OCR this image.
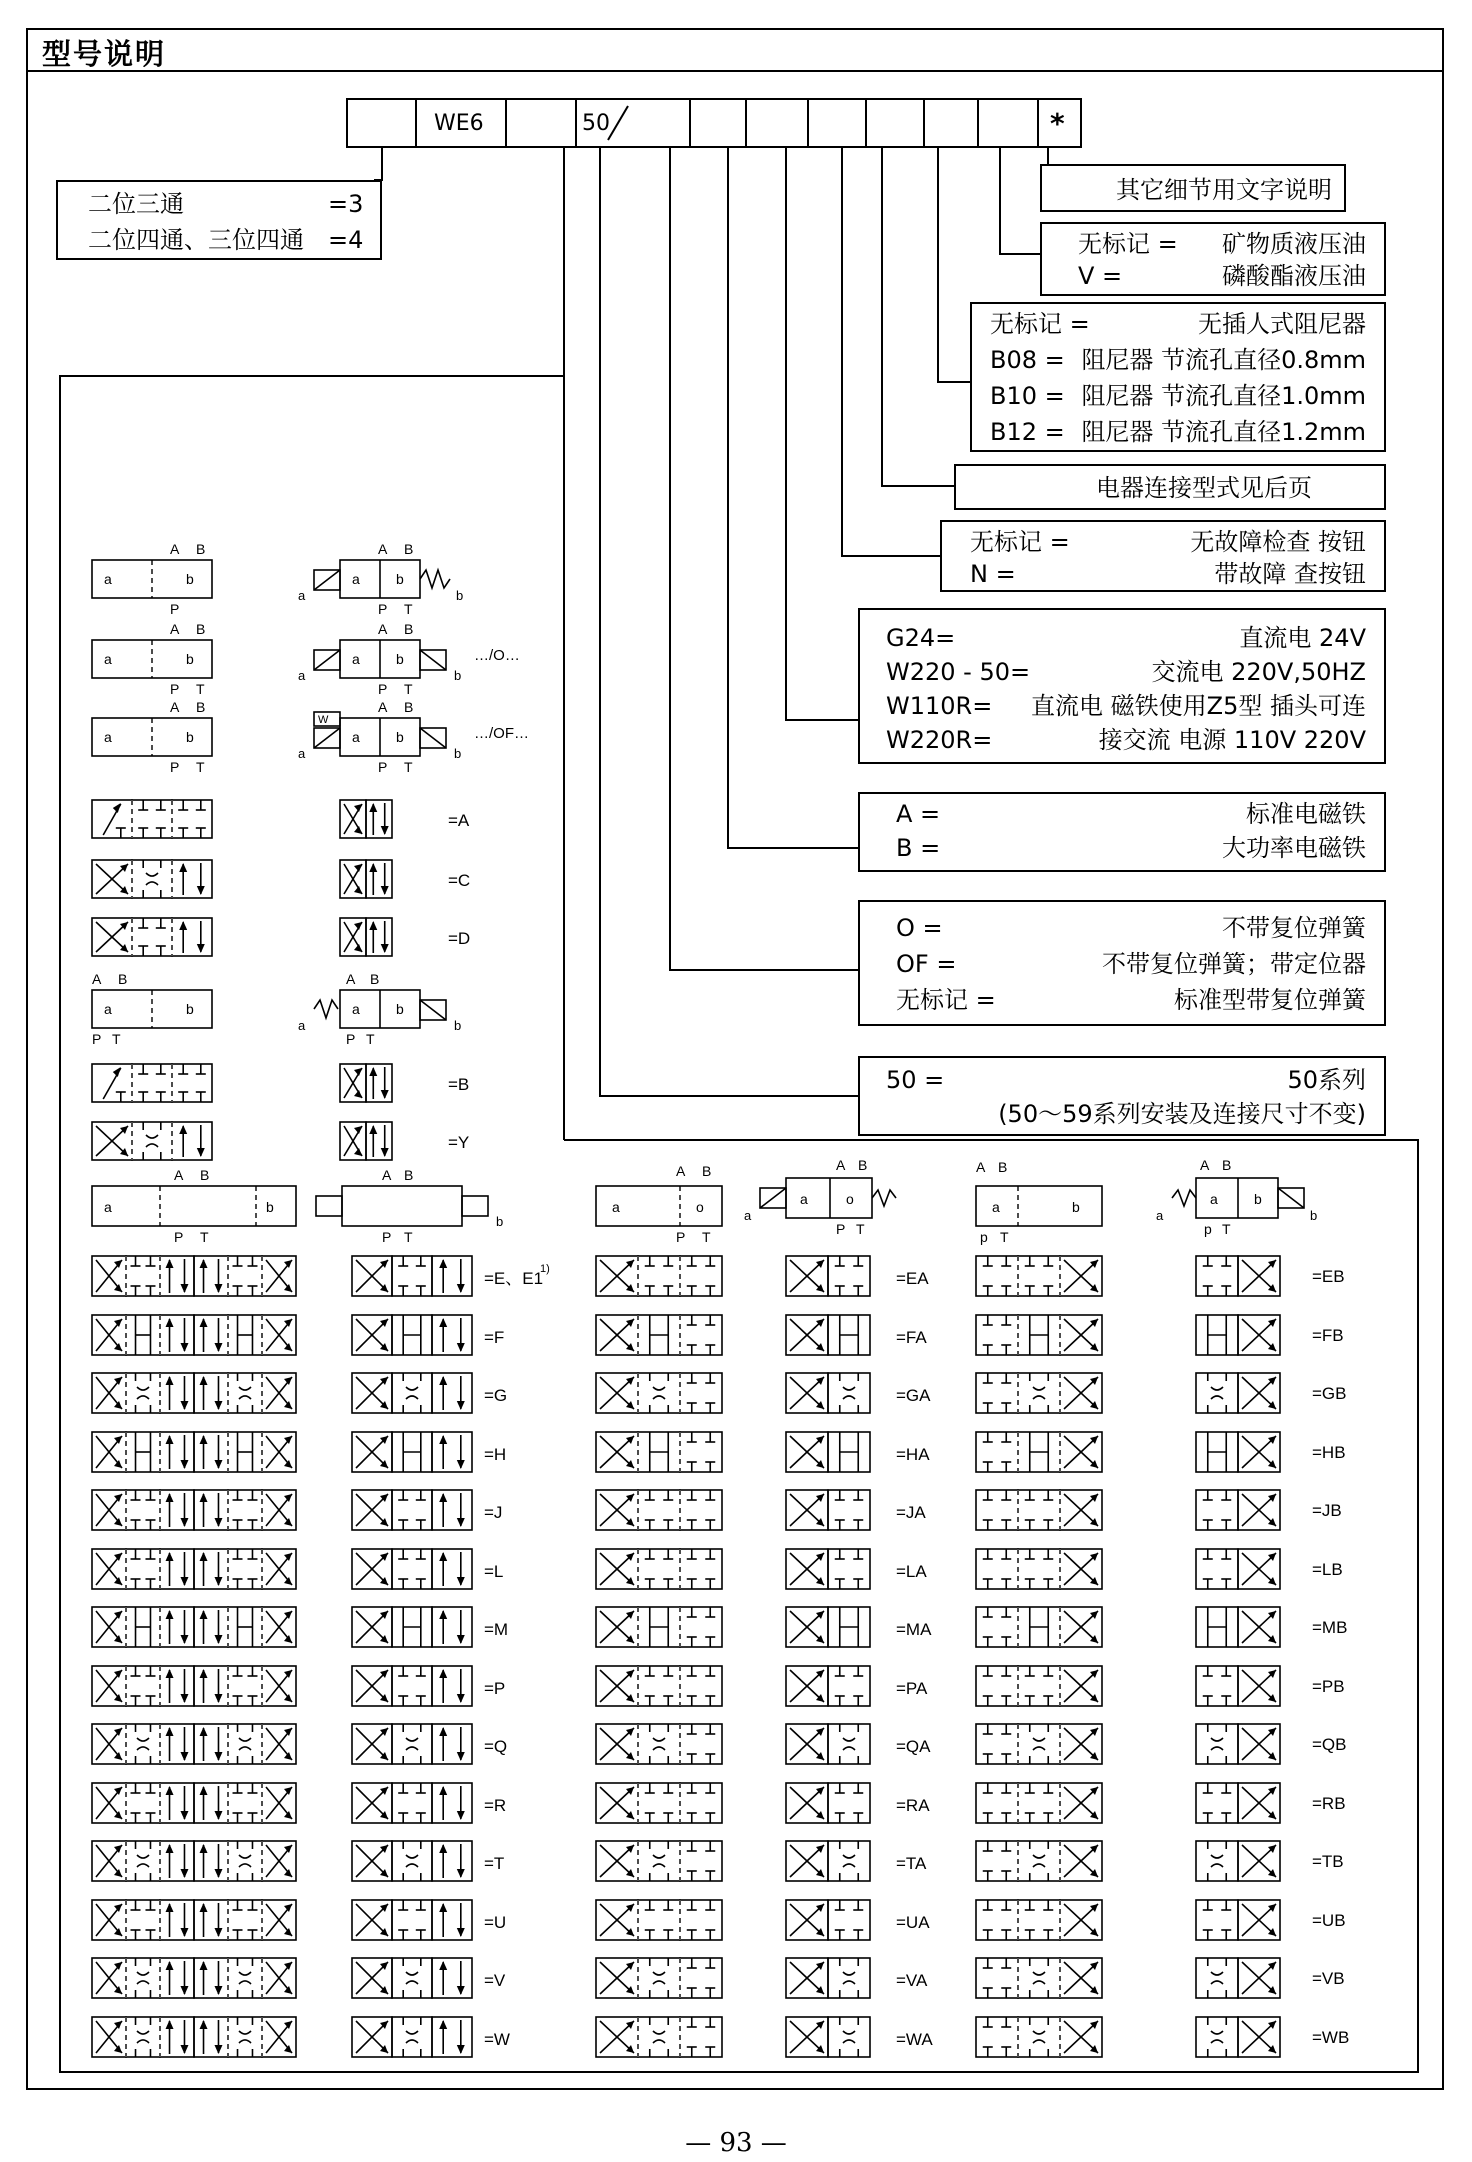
型号说明
WE6	50	*
二位三通	=3
二位四通、三位四通 =4
其它细节用文字说明
无标记 = 矿物质液压油
V =	磷酸酯液压油
无标记 =	无插人式阻尼器
B08 = 阻尼器 节流孔直径0.8mm
B10 = 阻尼器 节流孔直径1.0mm
B12 = 阻尼器 节流孔直径1.2mm
电器连接型式见后页
无标记 =	无故障检查 按钮
N =	带故障 查按钮
G24=	直流电 24V
W220 - 50=	交流电 220V,50HZ
W110R= 直流电 磁铁使用Z5型 插头可连
W220R=	接交流 电源 110V 220V
A =	标准电磁铁
B =	大功率电磁铁
O =	不带复位弹簧
OF =	不带复位弹簧；带定位器
无标记 =	标准型带复位弹簧
50 =	50系列
(50～59系列安装及连接尺寸不变)
a	b
A B
P
a
a	b
A B
P T
b
a	b
A B
P T
a
a	b
A B
P T
b
…/O…
a	b
A B
P T
a
a	b
A B
P T
b
…/OF…
W
=A
=C
=D
=B
=Y
a	b
A B
P T
a
a	b
b
A B
P T
a	b
A B
P T
A B
P T
b
a	o
A B
P T
a
a	o
A B
P T
a	b
A B
p T
a	b
a	b
A B
p T
=E、E1
1)	=EA	=EB
=F	=FA	=FB
=G	=GA	=GB
=H	=HA	=HB
=J	=JA	=JB
=L	=LA	=LB
=M	=MA	=MB
=P	=PA	=PB
=Q	=QA	=QB
=R	=RA	=RB
=T	=TA	=TB
=U	=UA	=UB
=V	=VA	=VB
=W	=WA	=WB
— 93 —
